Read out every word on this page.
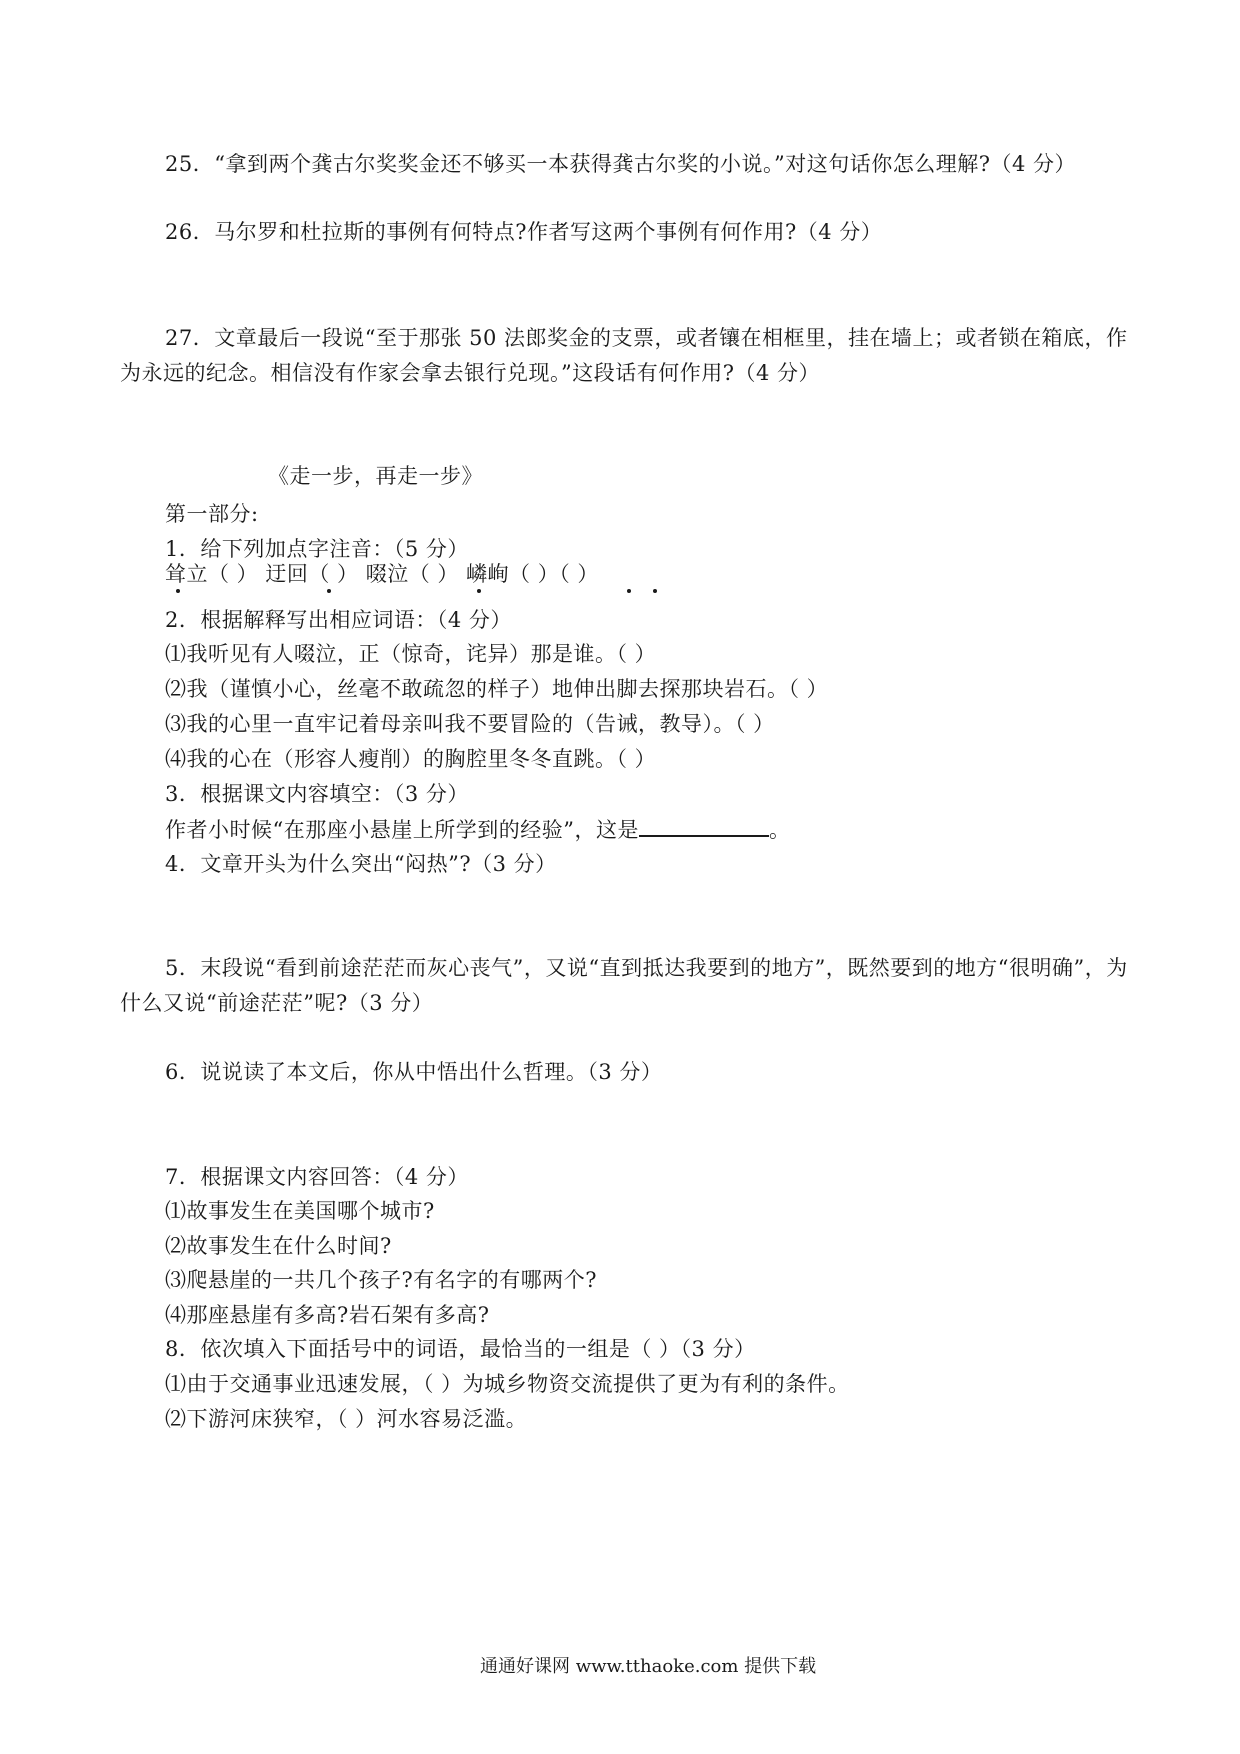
25．“拿到两个龚古尔奖奖金还不够买一本获得龚古尔奖的小说。”对这句话你怎么理解?（4 分）
26．马尔罗和杜拉斯的事例有何特点?作者写这两个事例有何作用?（4 分）
27．文章最后一段说“至于那张 50 法郎奖金的支票，或者镶在相框里，挂在墙上；或者锁在箱底，作
为永远的纪念。相信没有作家会拿去银行兑现。”这段话有何作用?（4 分）
《走一步，再走一步》
第一部分:
1．给下列加点字注音：（5 分）
耸立（ ） 迂回（ ） 啜泣（ ） 嶙峋（ ）（ ）
2．根据解释写出相应词语：（4 分）
⑴我听见有人啜泣，正（惊奇，诧异）那是谁。（ ）
⑵我（谨慎小心，丝毫不敢疏忽的样子）地伸出脚去探那块岩石。（ ）
⑶我的心里一直牢记着母亲叫我不要冒险的（告诫，教导）。（ ）
⑷我的心在（形容人瘦削）的胸腔里冬冬直跳。（ ）
3．根据课文内容填空：（3 分）
作者小时候“在那座小悬崖上所学到的经验”，这是	。
4．文章开头为什么突出“闷热”?（3 分）
5．末段说“看到前途茫茫而灰心丧气”，又说“直到抵达我要到的地方”，既然要到的地方“很明确”，为
什么又说“前途茫茫”呢?（3 分）
6．说说读了本文后，你从中悟出什么哲理。（3 分）
7．根据课文内容回答：（4 分）
⑴故事发生在美国哪个城市?
⑵故事发生在什么时间?
⑶爬悬崖的一共几个孩子?有名字的有哪两个?
⑷那座悬崖有多高?岩石架有多高?
8．依次填入下面括号中的词语，最恰当的一组是（ ）（3 分）
⑴由于交通事业迅速发展，（ ）为城乡物资交流提供了更为有利的条件。
⑵下游河床狭窄，（ ）河水容易泛滥。
通通好课网 www.tthaoke.com 提供下载
